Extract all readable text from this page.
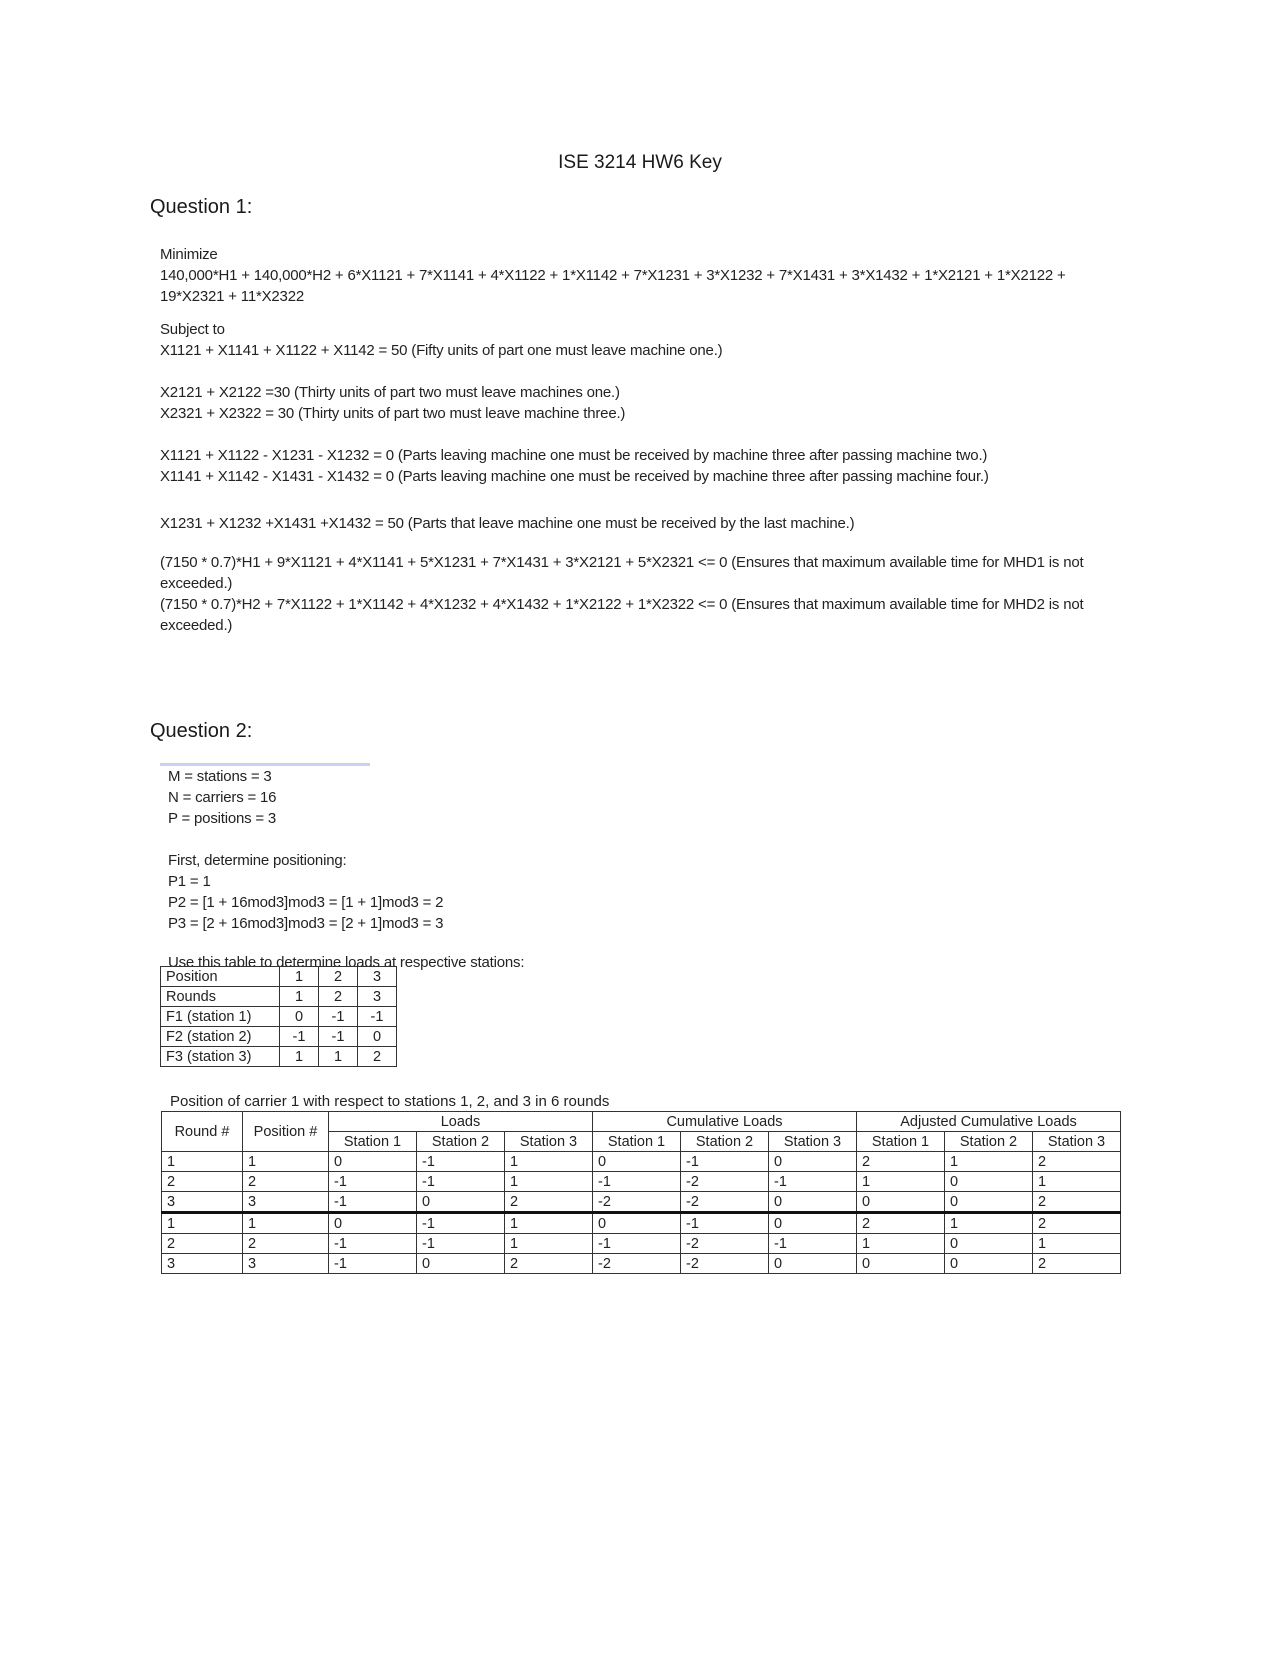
ISE 3214 HW6 Key
Question 1:
Minimize
140,000*H1 + 140,000*H2 + 6*X1121 + 7*X1141 + 4*X1122 + 1*X1142 + 7*X1231 + 3*X1232 + 7*X1431 + 3*X1432 + 1*X2121 + 1*X2122 + 19*X2321 + 11*X2322
Subject to
X1121 + X1141 + X1122 + X1142 = 50 (Fifty units of part one must leave machine one.)
X2121 + X2122 =30 (Thirty units of part two must leave machines one.)
X2321 + X2322 = 30 (Thirty units of part two must leave machine three.)
X1121 + X1122 - X1231 - X1232 = 0 (Parts leaving machine one must be received by machine three after passing machine two.)
X1141 + X1142 - X1431 - X1432 = 0 (Parts leaving machine one must be received by machine three after passing machine four.)
X1231 + X1232 +X1431 +X1432 = 50 (Parts that leave machine one must be received by the last machine.)
(7150 * 0.7)*H1 + 9*X1121 + 4*X1141 + 5*X1231 + 7*X1431 + 3*X2121 + 5*X2321 <= 0 (Ensures that maximum available time for MHD1 is not exceeded.)
(7150 * 0.7)*H2 + 7*X1122 + 1*X1142 + 4*X1232 + 4*X1432 + 1*X2122 + 1*X2322 <= 0 (Ensures that maximum available time for MHD2 is not exceeded.)
Question 2:
M = stations = 3
N = carriers = 16
P = positions = 3
First, determine positioning:
P1 = 1
P2 = [1 + 16mod3]mod3 = [1 + 1]mod3 = 2
P3 = [2 + 16mod3]mod3 = [2 + 1]mod3 = 3
Use this table to determine loads at respective stations:
Position	1	2	3
Rounds	1	2	3
F1 (station 1)	0	-1	-1
F2 (station 2)	-1	-1	0
F3 (station 3)	1	1	2
Position of carrier 1 with respect to stations 1, 2, and 3 in 6 rounds
Round #	Position #	Loads			Cumulative Loads			Adjusted Cumulative Loads		
		Station 1	Station 2	Station 3	Station 1	Station 2	Station 3	Station 1	Station 2	Station 3
1	1	0	-1	1	0	-1	0	2	1	2
2	2	-1	-1	1	-1	-2	-1	1	0	1
3	3	-1	0	2	-2	-2	0	0	0	2
1	1	0	-1	1	0	-1	0	2	1	2
2	2	-1	-1	1	-1	-2	-1	1	0	1
3	3	-1	0	2	-2	-2	0	0	0	2
